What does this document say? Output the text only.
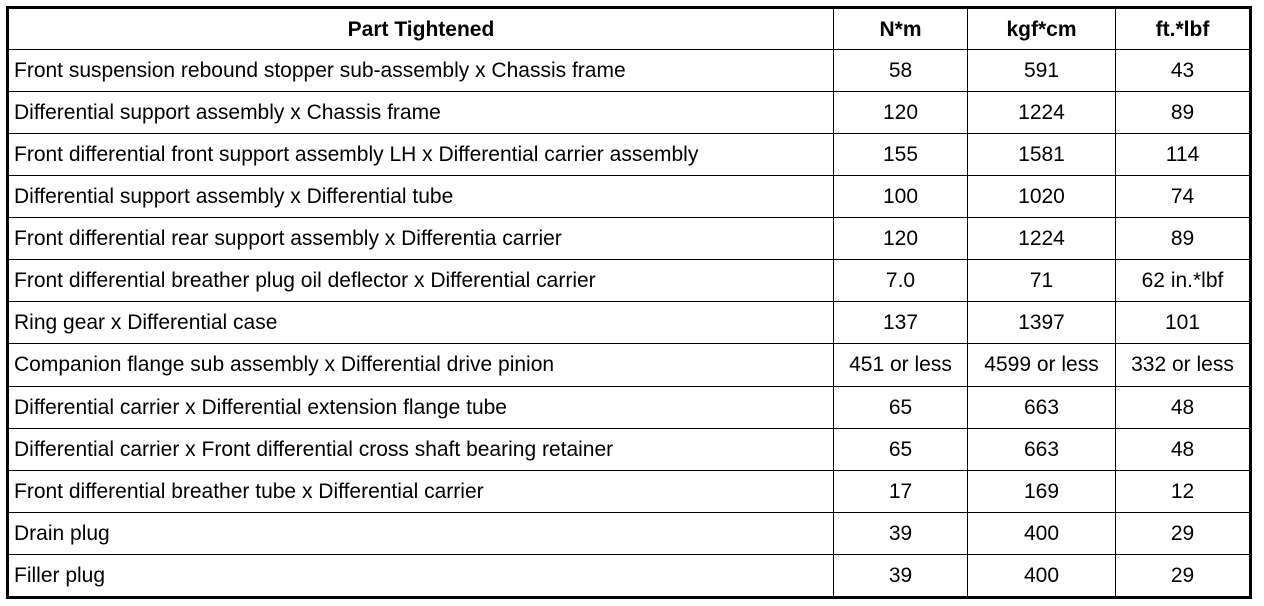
Part Tightened	N*m	kgf*cm	ft.*lbf
Front suspension rebound stopper sub-assembly x Chassis frame	58	591	43
Differential support assembly x Chassis frame	120	1224	89
Front differential front support assembly LH x Differential carrier assembly	155	1581	114
Differential support assembly x Differential tube	100	1020	74
Front differential rear support assembly x Differentia carrier	120	1224	89
Front differential breather plug oil deflector x Differential carrier	7.0	71	62 in.*lbf
Ring gear x Differential case	137	1397	101
Companion flange sub assembly x Differential drive pinion	451 or less	4599 or less	332 or less
Differential carrier x Differential extension flange tube	65	663	48
Differential carrier x Front differential cross shaft bearing retainer	65	663	48
Front differential breather tube x Differential carrier	17	169	12
Drain plug	39	400	29
Filler plug	39	400	29
